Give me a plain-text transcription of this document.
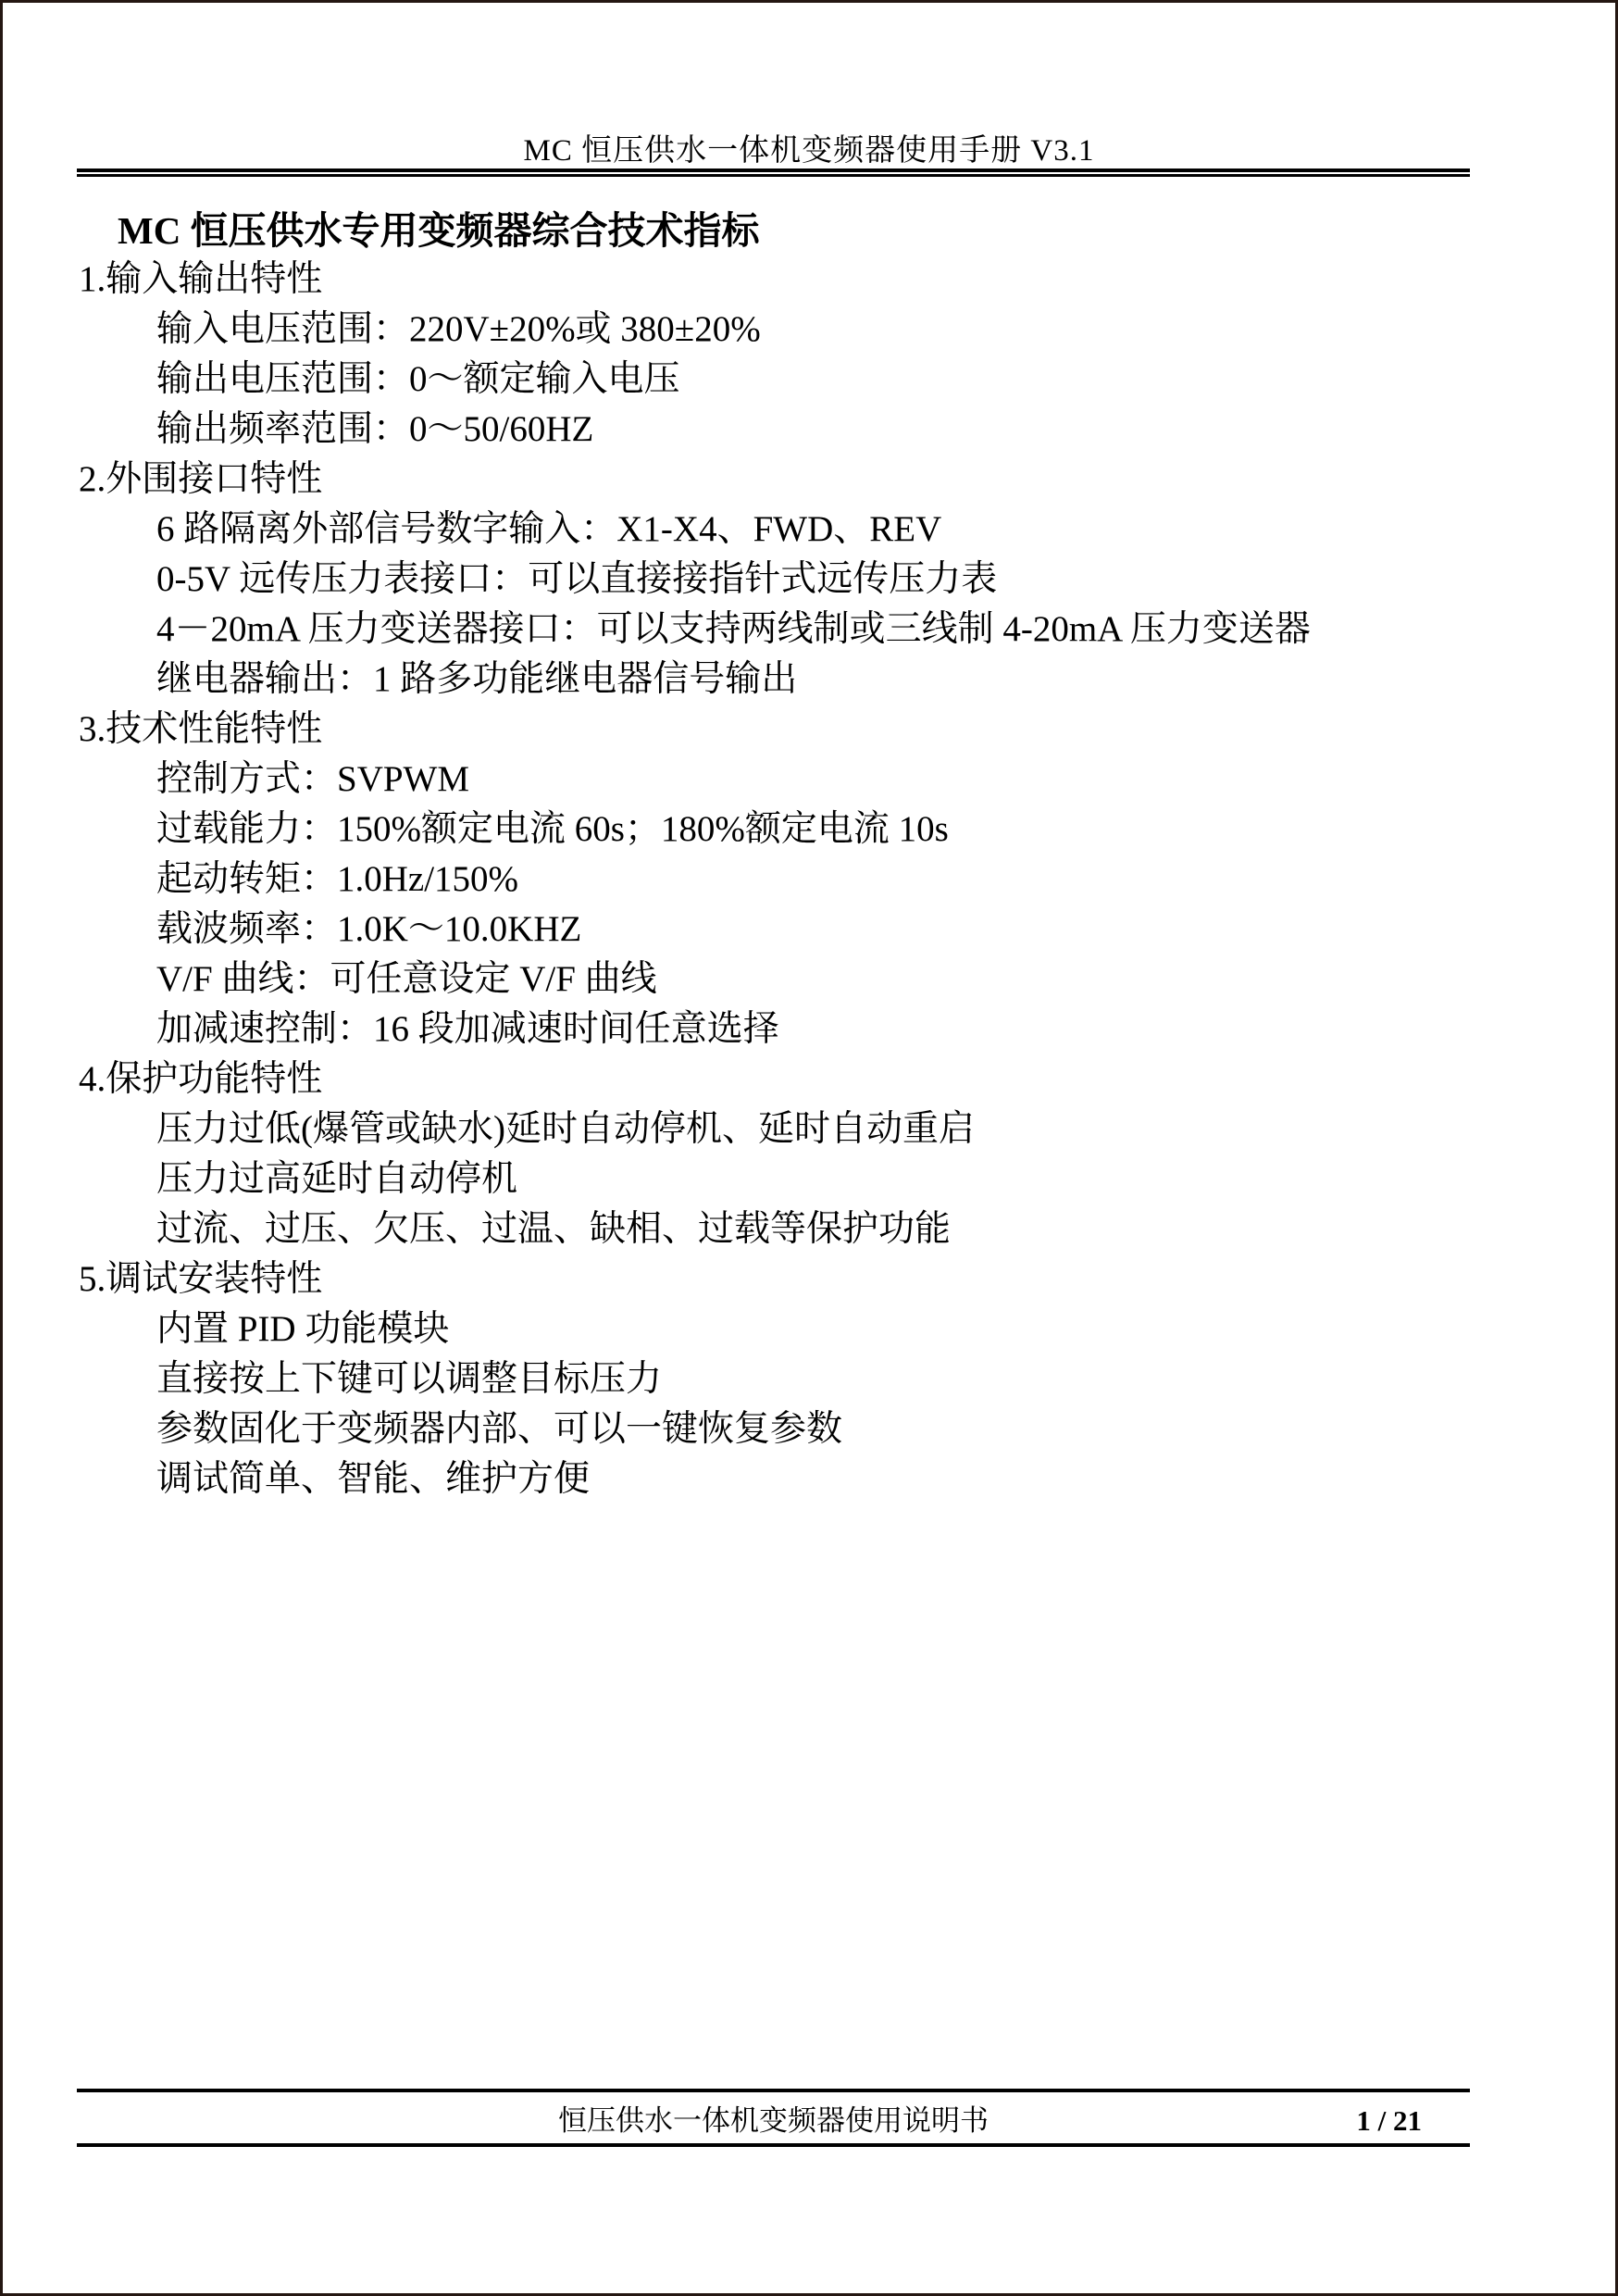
MC 恒压供水一体机变频器使用手册 V3.1
MC 恒压供水专用变频器综合技术指标
1.输入输出特性
输入电压范围：220V±20%或 380±20%
输出电压范围：0～额定输入电压
输出频率范围：0～50/60HZ
2.外围接口特性
6 路隔离外部信号数字输入：X1-X4、FWD、REV
0-5V 远传压力表接口：可以直接接指针式远传压力表
4－20mA 压力变送器接口：可以支持两线制或三线制 4-20mA 压力变送器
继电器输出：1 路多功能继电器信号输出
3.技术性能特性
控制方式：SVPWM
过载能力：150%额定电流 60s；180%额定电流 10s
起动转矩：1.0Hz/150%
载波频率：1.0K～10.0KHZ
V/F 曲线：可任意设定 V/F 曲线
加减速控制：16 段加减速时间任意选择
4.保护功能特性
压力过低(爆管或缺水)延时自动停机、延时自动重启
压力过高延时自动停机
过流、过压、欠压、过温、缺相、过载等保护功能
5.调试安装特性
内置 PID 功能模块
直接按上下键可以调整目标压力
参数固化于变频器内部、可以一键恢复参数
调试简单、智能、维护方便
恒压供水一体机变频器使用说明书	1 / 21
